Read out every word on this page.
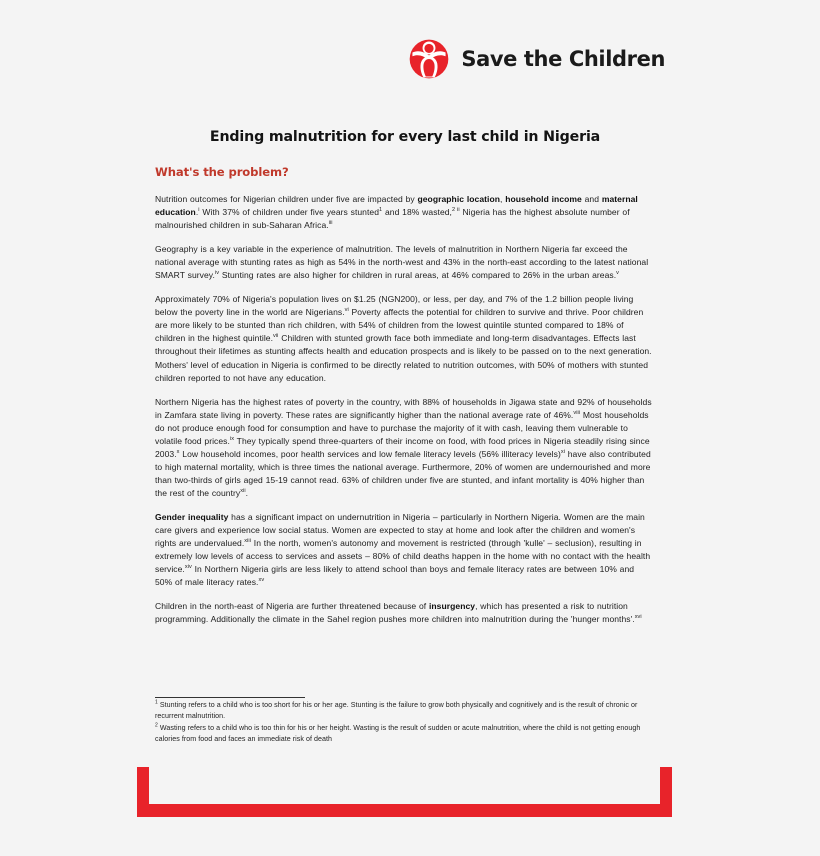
Save the Children
Ending malnutrition for every last child in Nigeria
What's the problem?

Nutrition outcomes for Nigerian children under five are impacted by geographic location, household income and maternal education.$^i$ With 37% of children under five years stunted$^1$ and 18% wasted,$^{2 ii}$ Nigeria has the highest absolute number of malnourished children in sub-Saharan Africa.$^{iii}$

Geography is a key variable in the experience of malnutrition. The levels of malnutrition in Northern Nigeria far exceed the national average with stunting rates as high as 54% in the north-west and 43% in the north-east according to the latest national SMART survey.$^{iv}$ Stunting rates are also higher for children in rural areas, at 46% compared to 26% in the urban areas.$^v$

Approximately 70% of Nigeria's population lives on $1.25 (NGN200), or less, per day, and 7% of the 1.2 billion people living below the poverty line in the world are Nigerians.$^{vi}$ Poverty affects the potential for children to survive and thrive. Poor children are more likely to be stunted than rich children, with 54% of children from the lowest quintile stunted compared to 18% of children in the highest quintile.$^{vii}$ Children with stunted growth face both immediate and long-term disadvantages. Effects last throughout their lifetimes as stunting affects health and education prospects and is likely to be passed on to the next generation. Mothers' level of education in Nigeria is confirmed to be directly related to nutrition outcomes, with 50% of mothers with stunted children reported to not have any education.

Northern Nigeria has the highest rates of poverty in the country, with 88% of households in Jigawa state and 92% of households in Zamfara state living in poverty. These rates are significantly higher than the national average rate of 46%.$^{viii}$ Most households do not produce enough food for consumption and have to purchase the majority of it with cash, leaving them vulnerable to volatile food prices.$^{ix}$ They typically spend three-quarters of their income on food, with food prices in Nigeria steadily rising since 2003.$^x$ Low household incomes, poor health services and low female literacy levels (56% illiteracy levels)$^{xi}$ have also contributed to high maternal mortality, which is three times the national average. Furthermore, 20% of women are undernourished and more than two-thirds of girls aged 15-19 cannot read. 63% of children under five are stunted, and infant mortality is 40% higher than the rest of the country$^{xii}$.

Gender inequality has a significant impact on undernutrition in Nigeria – particularly in Northern Nigeria. Women are the main care givers and experience low social status. Women are expected to stay at home and look after the children and women's rights are undervalued.$^{xiii}$ In the north, women's autonomy and movement is restricted (through 'kulle' – seclusion), resulting in extremely low levels of access to services and assets – 80% of child deaths happen in the home with no contact with the health service.$^{xiv}$ In Northern Nigeria girls are less likely to attend school than boys and female literacy rates are between 10% and 50% of male literacy rates.$^{xv}$

Children in the north-east of Nigeria are further threatened because of insurgency, which has presented a risk to nutrition programming. Additionally the climate in the Sahel region pushes more children into malnutrition during the 'hunger months'.$^{xvi}$

$^1$ Stunting refers to a child who is too short for his or her age. Stunting is the failure to grow both physically and cognitively and is the result of chronic or recurrent malnutrition.

$^2$ Wasting refers to a child who is too thin for his or her height. Wasting is the result of sudden or acute malnutrition, where the child is not getting enough calories from food and faces an immediate risk of death
